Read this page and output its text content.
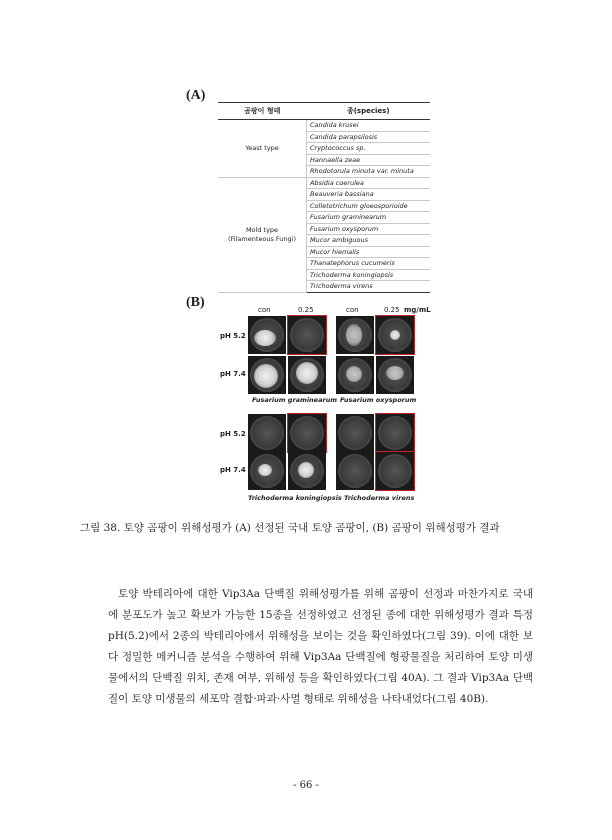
(A)
곰팡이 형태	종(species)
Yeast type	Candida krusei
	Candida parapsilosis
	Cryptococcus sp.
	Hannaella zeae
	Rhodotorula minuta var. minuta
Mold type
(Filamenteous Fungi)	Absidia coerulea
	Beauveria bassiana
	Colletotrichum gloeosporioide
	Fusarium graminearum
	Fusarium oxysporum
	Mucor ambiguous
	Mucor hiemalis
	Thanatephorus cucumeris
	Trichoderma koningiopsis
	Trichoderma virens
(B)	con	0.25	con	0.25 mg/mL
pH 5.2
pH 7.4
pH 5.2
pH 7.4
Fusarium graminearum Fusarium oxysporum
Trichoderma koningiopsis Trichoderma virens
그림 38. 토양 곰팡이 위해성평가 (A) 선정된 국내 토양 곰팡이, (B) 곰팡이 위해성평가 결과

토양 박테리아에 대한 Vip3Aa 단백질 위해성평가를 위해 곰팡이 선정과 마찬가지로 국내에 분포도가 높고 확보가 가능한 15종을 선정하였고 선정된 종에 대한 위해성평가 결과 특정 pH(5.2)에서 2종의 박테리아에서 위해성을 보이는 것을 확인하였다(그림 39). 이에 대한 보다 정밀한 메커니즘 분석을 수행하여 위해 Vip3Aa 단백질에 형광물질을 처리하여 토양 미생물에서의 단백질 위치, 존재 여부, 위해성 등을 확인하였다(그림 40A). 그 결과 Vip3Aa 단백질이 토양 미생물의 세포막 결합·파과·사멸 형태로 위해성을 나타내었다(그림 40B).

- 66 -
